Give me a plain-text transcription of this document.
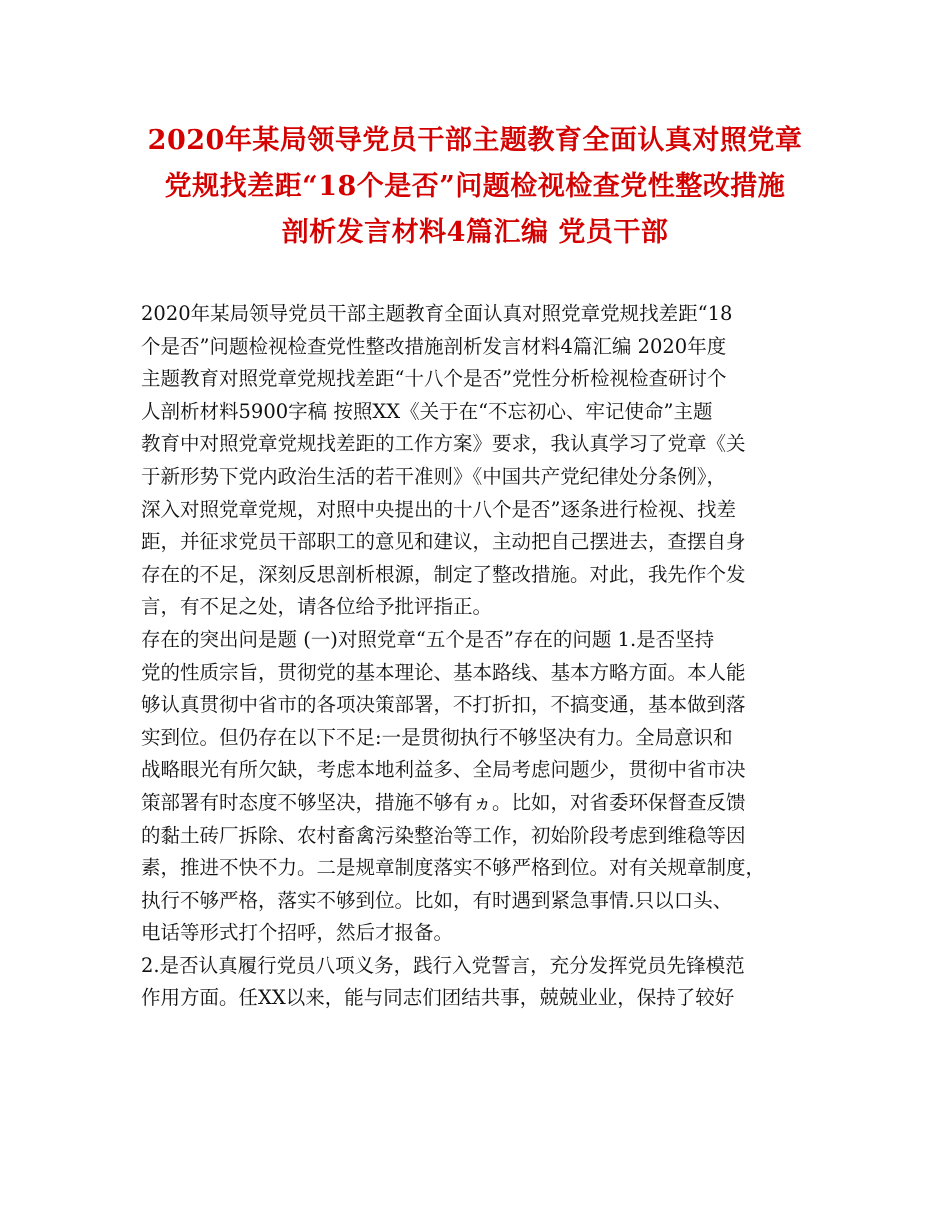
2020年某局领导党员干部主题教育全面认真对照党章
党规找差距“18个是否”问题检视检查党性整改措施
剖析发言材料4篇汇编 党员干部

2020年某局领导党员干部主题教育全面认真对照党章党规找差距“18
个是否”问题检视检查党性整改措施剖析发言材料4篇汇编 2020年度
主题教育对照党章党规找差距“十八个是否”党性分析检视检查研讨个
人剖析材料5900字稿 按照XX《关于在“不忘初心、牢记使命”主题
教育中对照党章党规找差距的工作方案》要求，我认真学习了党章《关
于新形势下党内政治生活的若干准则》《中国共产党纪律处分条例》，
深入对照党章党规，对照中央提出的十八个是否”逐条进行检视、找差
距，并征求党员干部职工的意见和建议，主动把自己摆进去，查摆自身
存在的不足，深刻反思剖析根源，制定了整改措施。对此，我先作个发
言，有不足之处，请各位给予批评指正。

存在的突出问是题 (一)对照党章“五个是否”存在的问题 1.是否坚持
党的性质宗旨，贯彻党的基本理论、基本路线、基本方略方面。本人能
够认真贯彻中省市的各项决策部署，不打折扣，不搞变通，基本做到落
实到位。但仍存在以下不足:一是贯彻执行不够坚决有力。全局意识和
战略眼光有所欠缺，考虑本地利益多、全局考虑问题少，贯彻中省市决
策部署有时态度不够坚决，措施不够有ヵ。比如，对省委环保督查反馈
的黏土砖厂拆除、农村畜禽污染整治等工作，初始阶段考虑到维稳等因
素，推进不快不力。二是规章制度落实不够严格到位。对有关规章制度，
执行不够严格，落实不够到位。比如，有时遇到紧急事情.只以口头、
电话等形式打个招呼，然后才报备。

2.是否认真履行党员八项义务，践行入党誓言，充分发挥党员先锋模范
作用方面。任XX以来，能与同志们团结共事，兢兢业业，保持了较好
